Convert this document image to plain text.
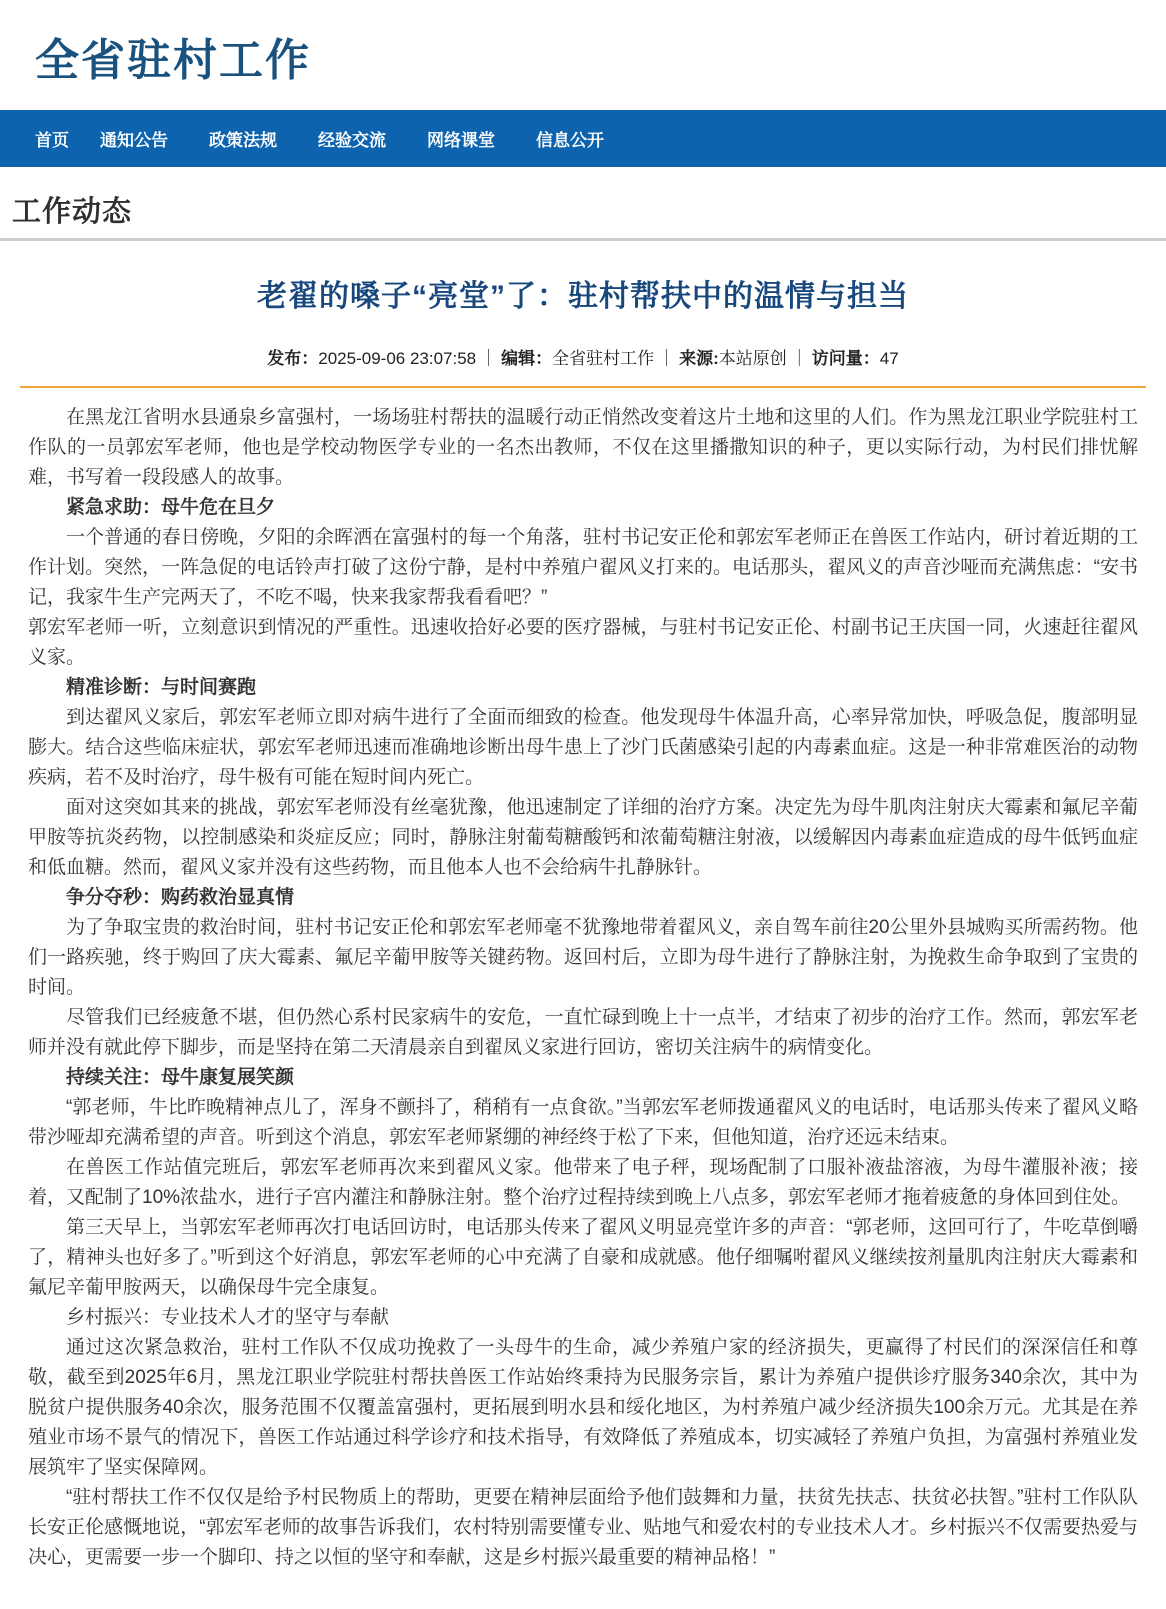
全省驻村工作
首页 通知公告 政策法规 经验交流 网络课堂 信息公开
工作动态
老翟的嗓子“亮堂”了：驻村帮扶中的温情与担当
发布：2025-09-06 23:07:58 ｜ 编辑：全省驻村工作 ｜ 来源:本站原创 ｜ 访问量：47

在黑龙江省明水县通泉乡富强村，一场场驻村帮扶的温暖行动正悄然改变着这片土地和这里的人们。作为黑龙江职业学院驻村工作队的一员郭宏军老师，他也是学校动物医学专业的一名杰出教师，不仅在这里播撒知识的种子，更以实际行动，为村民们排忧解难，书写着一段段感人的故事。

紧急求助：母牛危在旦夕

一个普通的春日傍晚，夕阳的余晖洒在富强村的每一个角落，驻村书记安正伦和郭宏军老师正在兽医工作站内，研讨着近期的工作计划。突然，一阵急促的电话铃声打破了这份宁静，是村中养殖户翟风义打来的。电话那头，翟风义的声音沙哑而充满焦虑：“安书记，我家牛生产完两天了，不吃不喝，快来我家帮我看看吧？”

郭宏军老师一听，立刻意识到情况的严重性。迅速收拾好必要的医疗器械，与驻村书记安正伦、村副书记王庆国一同，火速赶往翟风义家。

精准诊断：与时间赛跑

到达翟风义家后，郭宏军老师立即对病牛进行了全面而细致的检查。他发现母牛体温升高，心率异常加快，呼吸急促，腹部明显膨大。结合这些临床症状，郭宏军老师迅速而准确地诊断出母牛患上了沙门氏菌感染引起的内毒素血症。这是一种非常难医治的动物疾病，若不及时治疗，母牛极有可能在短时间内死亡。

面对这突如其来的挑战，郭宏军老师没有丝毫犹豫，他迅速制定了详细的治疗方案。决定先为母牛肌肉注射庆大霉素和氟尼辛葡甲胺等抗炎药物，以控制感染和炎症反应；同时，静脉注射葡萄糖酸钙和浓葡萄糖注射液，以缓解因内毒素血症造成的母牛低钙血症和低血糖。然而，翟风义家并没有这些药物，而且他本人也不会给病牛扎静脉针。

争分夺秒：购药救治显真情

为了争取宝贵的救治时间，驻村书记安正伦和郭宏军老师毫不犹豫地带着翟风义，亲自驾车前往20公里外县城购买所需药物。他们一路疾驰，终于购回了庆大霉素、氟尼辛葡甲胺等关键药物。返回村后，立即为母牛进行了静脉注射，为挽救生命争取到了宝贵的时间。

尽管我们已经疲惫不堪，但仍然心系村民家病牛的安危，一直忙碌到晚上十一点半，才结束了初步的治疗工作。然而，郭宏军老师并没有就此停下脚步，而是坚持在第二天清晨亲自到翟凤义家进行回访，密切关注病牛的病情变化。

持续关注：母牛康复展笑颜

“郭老师，牛比昨晚精神点儿了，浑身不颤抖了，稍稍有一点食欲。”当郭宏军老师拨通翟风义的电话时，电话那头传来了翟风义略带沙哑却充满希望的声音。听到这个消息，郭宏军老师紧绷的神经终于松了下来，但他知道，治疗还远未结束。

在兽医工作站值完班后，郭宏军老师再次来到翟风义家。他带来了电子秤，现场配制了口服补液盐溶液，为母牛灌服补液；接着，又配制了10%浓盐水，进行子宫内灌注和静脉注射。整个治疗过程持续到晚上八点多，郭宏军老师才拖着疲惫的身体回到住处。

第三天早上，当郭宏军老师再次打电话回访时，电话那头传来了翟风义明显亮堂许多的声音：“郭老师，这回可行了，牛吃草倒嚼了，精神头也好多了。”听到这个好消息，郭宏军老师的心中充满了自豪和成就感。他仔细嘱咐翟风义继续按剂量肌肉注射庆大霉素和氟尼辛葡甲胺两天，以确保母牛完全康复。

乡村振兴：专业技术人才的坚守与奉献

通过这次紧急救治，驻村工作队不仅成功挽救了一头母牛的生命，减少养殖户家的经济损失，更赢得了村民们的深深信任和尊敬，截至到2025年6月，黑龙江职业学院驻村帮扶兽医工作站始终秉持为民服务宗旨，累计为养殖户提供诊疗服务340余次，其中为脱贫户提供服务40余次，服务范围不仅覆盖富强村，更拓展到明水县和绥化地区，为村养殖户减少经济损失100余万元。尤其是在养殖业市场不景气的情况下，兽医工作站通过科学诊疗和技术指导，有效降低了养殖成本，切实减轻了养殖户负担，为富强村养殖业发展筑牢了坚实保障网。

“驻村帮扶工作不仅仅是给予村民物质上的帮助，更要在精神层面给予他们鼓舞和力量，扶贫先扶志、扶贫必扶智。”驻村工作队队长安正伦感慨地说，“郭宏军老师的故事告诉我们，农村特别需要懂专业、贴地气和爱农村的专业技术人才。乡村振兴不仅需要热爱与决心，更需要一步一个脚印、持之以恒的坚守和奉献，这是乡村振兴最重要的精神品格！”
